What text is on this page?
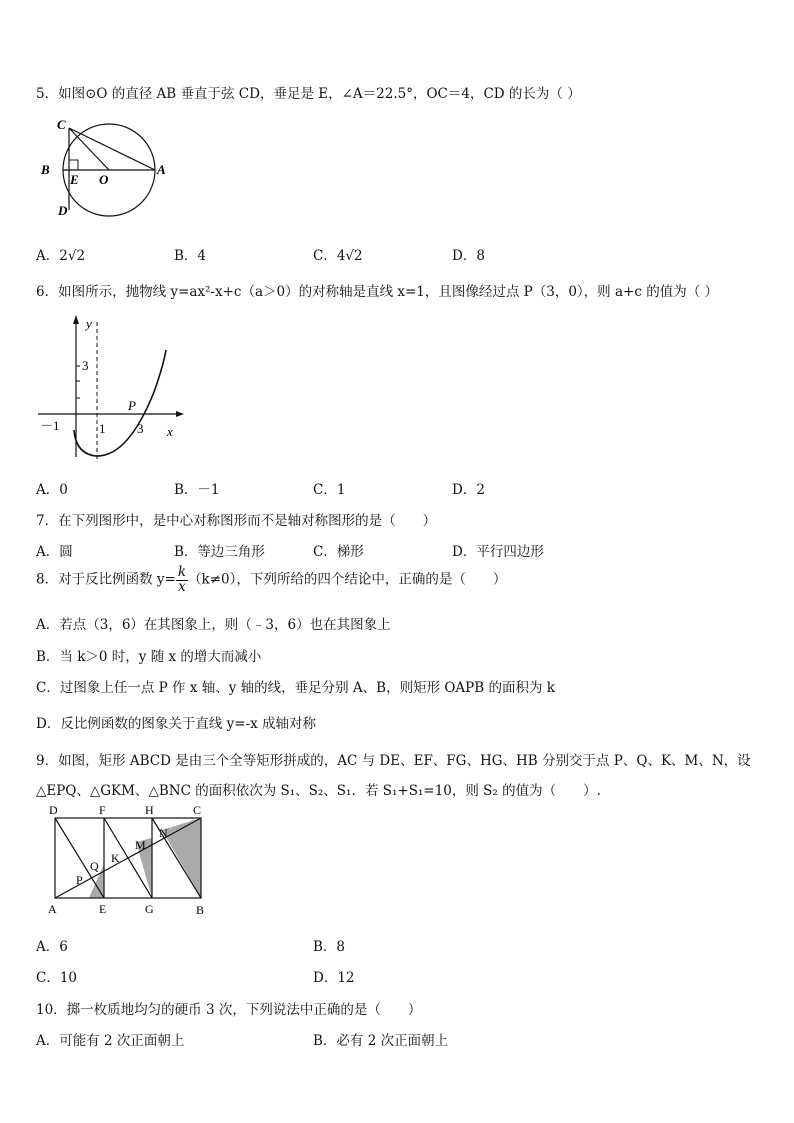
5．如图⊙O 的直径 AB 垂直于弦 CD，垂足是 E，∠A＝22.5°，OC＝4，CD 的长为（ ）
C
B
E O
A
D
A．2√2	B．4	C．4√2	D．8
6．如图所示，抛物线 y=ax²-x+c（a＞0）的对称轴是直线 x=1，且图像经过点 P（3，0），则 a+c 的值为（ ）
y
3
－1	1 3
P
x
A．0	B．－1	C．1	D．2
7．在下列图形中，是中心对称图形而不是轴对称图形的是（　　）
A．圆	B．等边三角形	C．梯形	D．平行四边形
8．对于反比例函数 $y= \frac{k}{x} (k\ne 0)$，下列所给的四个结论中，正确的是（　　）
A．若点（3，6）在其图象上，则（﹣3，6）也在其图象上
B．当 k＞0 时，y 随 x 的增大而减小
C．过图象上任一点 P 作 x 轴、y 轴的线，垂足分别 A、B，则矩形 OAPB 的面积为 k
D．反比例函数的图象关于直线 y=-x 成轴对称
9．如图，矩形 ABCD 是由三个全等矩形拼成的，AC 与 DE、EF、FG、HG、HB 分别交于点 P、Q、K、M、N，设
△EPQ、△GKM、△BNC 的面积依次为 S₁、S₂、S₁．若 S₁+S₁=10，则 S₂ 的值为（　　）.
D	F	H	C
A	E	G	B
P
Q
K
M
N
A．6	B．8
C．10	D．12
10．掷一枚质地均匀的硬币 3 次，下列说法中正确的是（　　）
A．可能有 2 次正面朝上	B．必有 2 次正面朝上
